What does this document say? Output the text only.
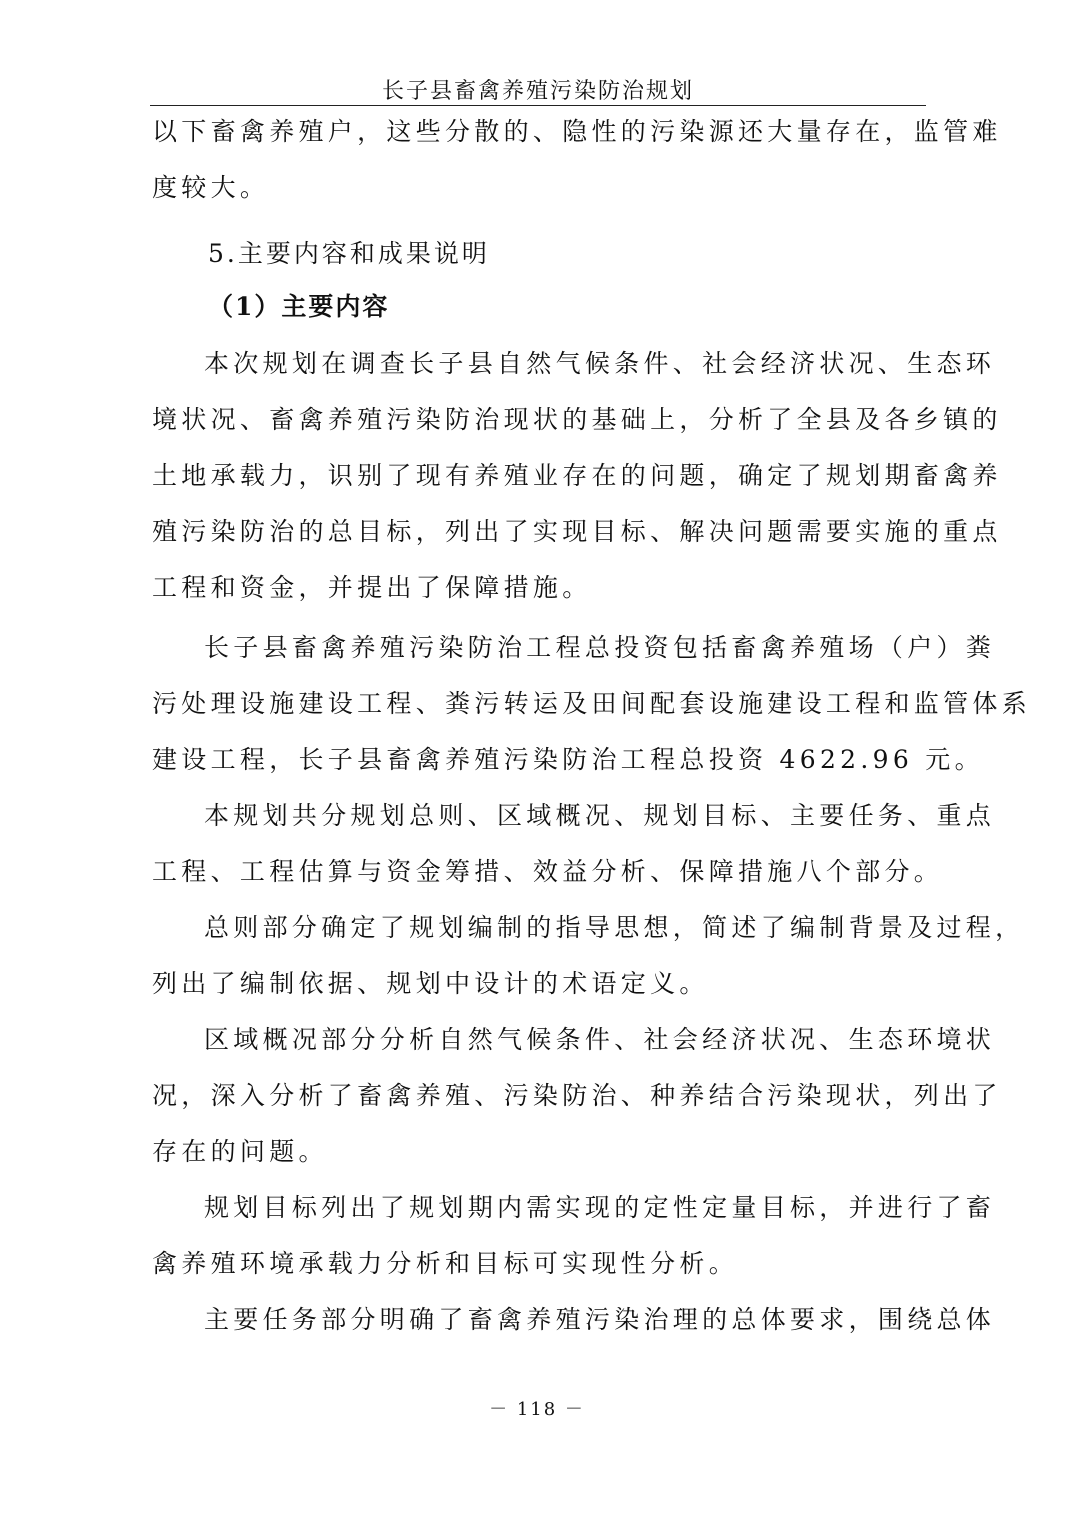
长子县畜禽养殖污染防治规划
以下畜禽养殖户，这些分散的、隐性的污染源还大量存在，监管难
度较大。
5.主要内容和成果说明
（1）主要内容
本次规划在调查长子县自然气候条件、社会经济状况、生态环
境状况、畜禽养殖污染防治现状的基础上，分析了全县及各乡镇的
土地承载力，识别了现有养殖业存在的问题，确定了规划期畜禽养
殖污染防治的总目标，列出了实现目标、解决问题需要实施的重点
工程和资金，并提出了保障措施。
长子县畜禽养殖污染防治工程总投资包括畜禽养殖场（户）粪
污处理设施建设工程、粪污转运及田间配套设施建设工程和监管体系
建设工程，长子县畜禽养殖污染防治工程总投资 4622.96 元。
本规划共分规划总则、区域概况、规划目标、主要任务、重点
工程、工程估算与资金筹措、效益分析、保障措施八个部分。
总则部分确定了规划编制的指导思想，简述了编制背景及过程，
列出了编制依据、规划中设计的术语定义。
区域概况部分分析自然气候条件、社会经济状况、生态环境状
况，深入分析了畜禽养殖、污染防治、种养结合污染现状，列出了
存在的问题。
规划目标列出了规划期内需实现的定性定量目标，并进行了畜
禽养殖环境承载力分析和目标可实现性分析。
主要任务部分明确了畜禽养殖污染治理的总体要求，围绕总体
－ 118 －
